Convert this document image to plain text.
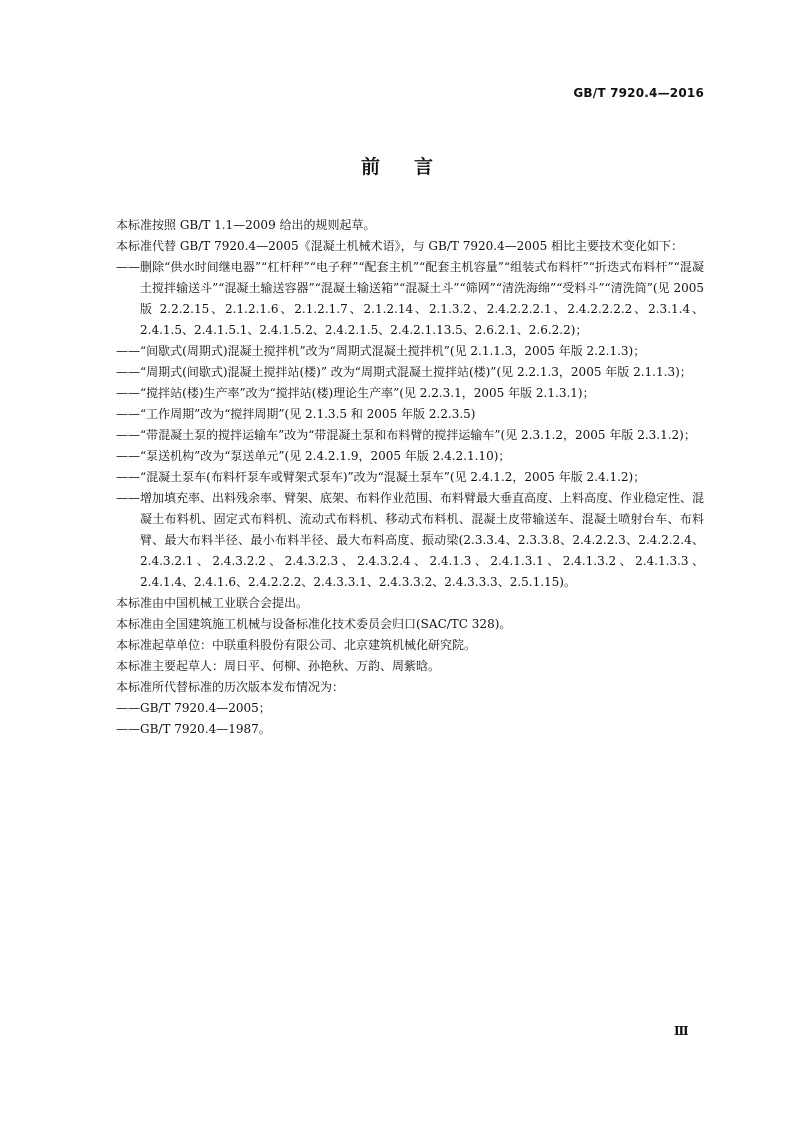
GB/T 7920.4—2016
前言

本标准按照 GB/T 1.1—2009 给出的规则起草。

本标准代替 GB/T 7920.4—2005《混凝土机械术语》，与 GB/T 7920.4—2005 相比主要技术变化如下：

—— 删除“供水时间继电器”“杠杆秤”“电子秤”“配套主机”“配套主机容量”“组装式布料杆”“折迭式布料杆”“混凝土搅拌输送斗”“混凝土输送容器”“混凝土输送箱”“混凝土斗”“筛网”“清洗海绵”“受料斗”“清洗筒”(见 2005 版 2.2.2.15、2.1.2.1.6、2.1.2.1.7、2.1.2.14、2.1.3.2、2.4.2.2.2.1、2.4.2.2.2.2、2.3.1.4、2.4.1.5、2.4.1.5.1、2.4.1.5.2、2.4.2.1.5、2.4.2.1.13.5、2.6.2.1、2.6.2.2)；
—— “间歇式(周期式)混凝土搅拌机”改为“周期式混凝土搅拌机”(见 2.1.1.3，2005 年版 2.2.1.3)；
—— “周期式(间歇式)混凝土搅拌站(楼)” 改为“周期式混凝土搅拌站(楼)”(见 2.2.1.3，2005 年版 2.1.1.3)；
—— “搅拌站(楼)生产率”改为“搅拌站(楼)理论生产率”(见 2.2.3.1，2005 年版 2.1.3.1)；
—— “工作周期”改为“搅拌周期”(见 2.1.3.5 和 2005 年版 2.2.3.5)
—— “带混凝土泵的搅拌运输车”改为“带混凝土泵和布料臂的搅拌运输车”(见 2.3.1.2，2005 年版 2.3.1.2)；
—— “泵送机构”改为“泵送单元”(见 2.4.2.1.9，2005 年版 2.4.2.1.10)；
—— “混凝土泵车(布料杆泵车或臂架式泵车)”改为“混凝土泵车”(见 2.4.1.2，2005 年版 2.4.1.2)；
—— 增加填充率、出料残余率、臂架、底架、布料作业范围、布料臂最大垂直高度、上料高度、作业稳定性、混凝土布料机、固定式布料机、流动式布料机、移动式布料机、混凝土皮带输送车、混凝土喷射台车、布料臂、最大布料半径、最小布料半径、最大布料高度、振动梁(2.3.3.4、2.3.3.8、2.4.2.2.3、2.4.2.2.4、2.4.3.2.1、2.4.3.2.2、2.4.3.2.3、2.4.3.2.4、2.4.1.3、2.4.1.3.1、2.4.1.3.2、2.4.1.3.3、2.4.1.4、2.4.1.6、2.4.2.2.2、2.4.3.3.1、2.4.3.3.2、2.4.3.3.3、2.5.1.15)。

本标准由中国机械工业联合会提出。

本标准由全国建筑施工机械与设备标准化技术委员会归口(SAC/TC 328)。

本标准起草单位：中联重科股份有限公司、北京建筑机械化研究院。

本标准主要起草人：周日平、何柳、孙艳秋、万韵、周紫晗。

本标准所代替标准的历次版本发布情况为：

—— GB/T 7920.4—2005；
—— GB/T 7920.4—1987。
Ⅲ
